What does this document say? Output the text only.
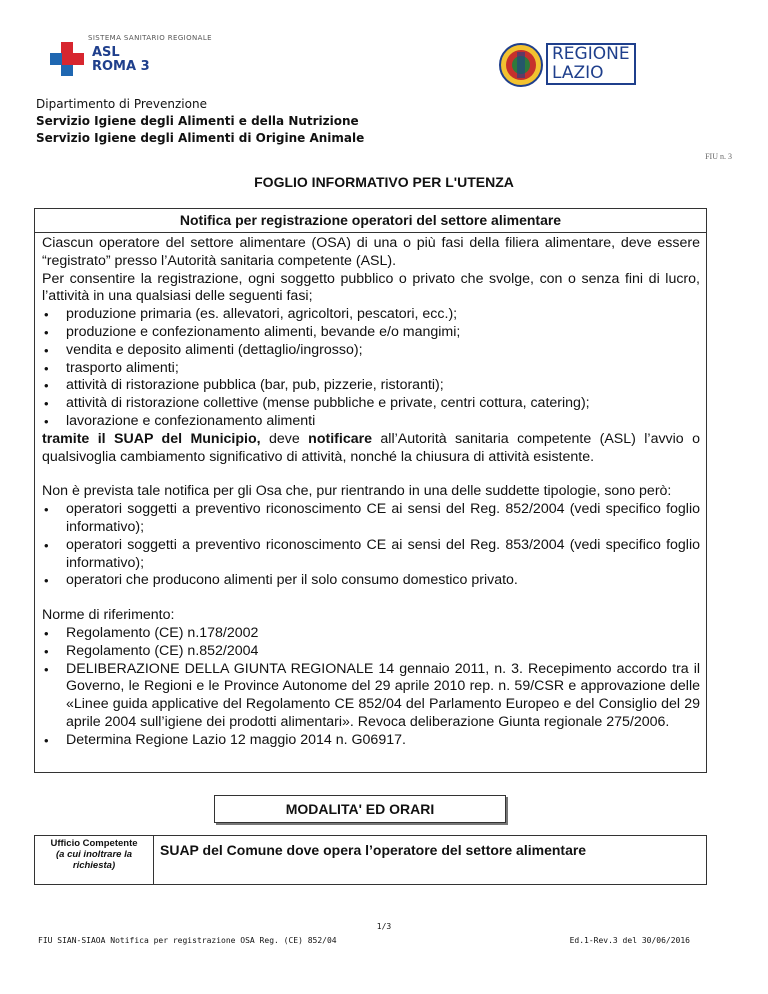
SISTEMA SANITARIO REGIONALE
ASL
ROMA 3
REGIONE
LAZIO
Dipartimento di Prevenzione
Servizio Igiene degli Alimenti e della Nutrizione
Servizio Igiene degli Alimenti di Origine Animale
FIU n. 3
FOGLIO INFORMATIVO PER L'UTENZA
Notifica per registrazione operatori del settore alimentare

Ciascun operatore del settore alimentare (OSA) di una o più fasi della filiera alimentare, deve essere “registrato” presso l’Autorità sanitaria competente (ASL).

Per consentire la registrazione, ogni soggetto pubblico o privato che svolge, con o senza fini di lucro, l’attività in una qualsiasi delle seguenti fasi;

• produzione primaria (es. allevatori, agricoltori, pescatori, ecc.);
• produzione e confezionamento alimenti, bevande e/o mangimi;
• vendita e deposito alimenti (dettaglio/ingrosso);
• trasporto alimenti;
• attività di ristorazione pubblica (bar, pub, pizzerie, ristoranti);
• attività di ristorazione collettive (mense pubbliche e private, centri cottura, catering);
• lavorazione e confezionamento alimenti

tramite il SUAP del Municipio, deve notificare all’Autorità sanitaria competente (ASL) l’avvio o qualsivoglia cambiamento significativo di attività, nonché la chiusura di attività esistente.

Non è prevista tale notifica per gli Osa che, pur rientrando in una delle suddette tipologie, sono però:

• operatori soggetti a preventivo riconoscimento CE ai sensi del Reg. 852/2004 (vedi specifico foglio informativo);
• operatori soggetti a preventivo riconoscimento CE ai sensi del Reg. 853/2004 (vedi specifico foglio informativo);
• operatori che producono alimenti per il solo consumo domestico privato.

Norme di riferimento:

• Regolamento (CE) n.178/2002
• Regolamento (CE) n.852/2004
• DELIBERAZIONE DELLA GIUNTA REGIONALE 14 gennaio 2011, n. 3. Recepimento accordo tra il Governo, le Regioni e le Province Autonome del 29 aprile 2010 rep. n. 59/CSR e approvazione delle «Linee guida applicative del Regolamento CE 852/04 del Parlamento Europeo e del Consiglio del 29 aprile 2004 sull’igiene dei prodotti alimentari». Revoca deliberazione Giunta regionale 275/2006.
• Determina Regione Lazio 12 maggio 2014 n. G06917.
MODALITA' ED ORARI
Ufficio Competente
(a cui inoltrare la richiesta)
SUAP del Comune dove opera l’operatore del settore alimentare
1/3
FIU SIAN-SIAOA Notifica per registrazione OSA Reg. (CE) 852/04	Ed.1-Rev.3 del 30/06/2016
